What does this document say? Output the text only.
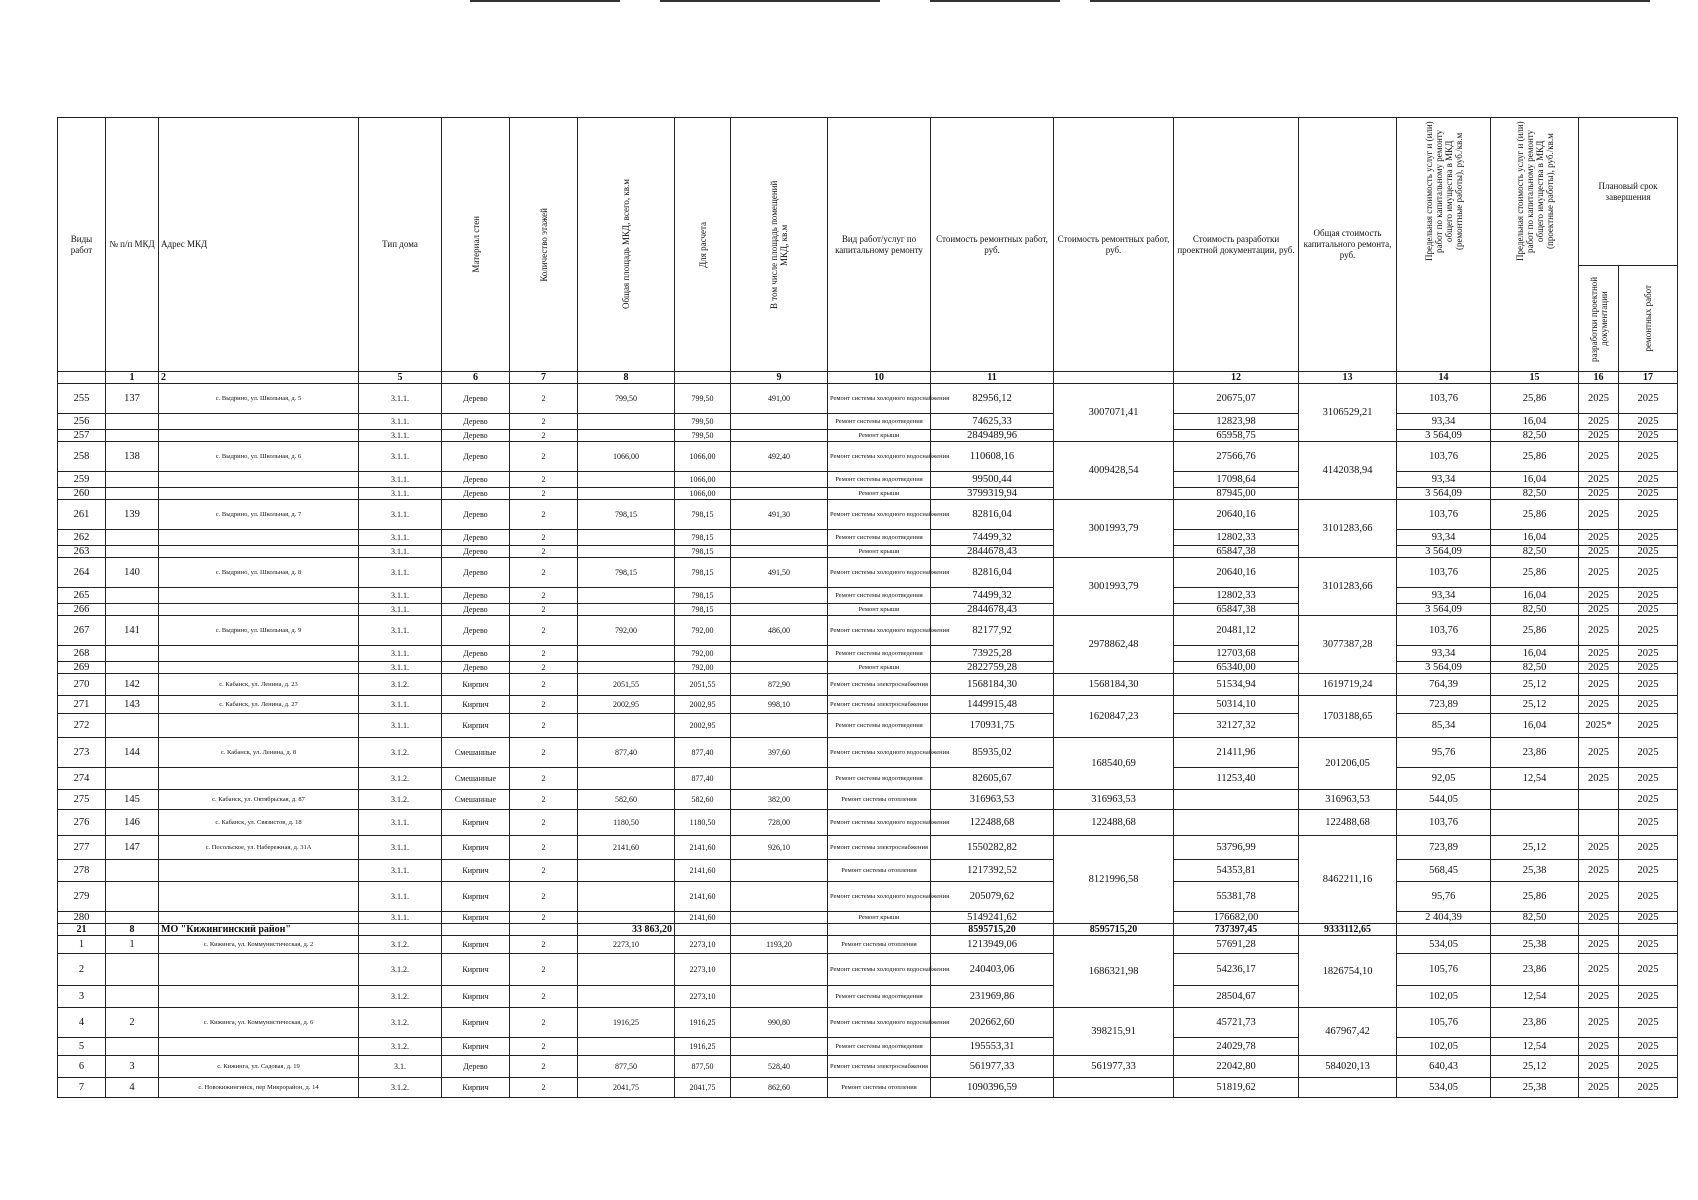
Виды работ	№ п/п МКД	Адрес МКД	Тип дома	Материал стен	Количество этажей	Общая площадь МКД, всего, кв.м	Для расчета	В том числе площадь помещений МКД, кв.м	Вид работ/услуг по капитальному ремонту	Стоимость ремонтных работ, руб.	Стоимость ремонтных работ, руб.	Стоимость разработки проектной документации, руб.	Общая стоимость капитального ремонта, руб.	Предельная стоимость услуг и (или) работ по капитальному ремонту общего имущества в МКД (ремонтные работы), руб./кв.м	Предельная стоимость услуг и (или) работ по капитальному ремонту общего имущества в МКД (проектные работы), руб./кв.м	Плановый срок завершения	

																разработки проектной документации	ремонтных работ

	1	2	5	6	7	8		9	10	11		12	13	14	15	16	17
255	137	с. Выдрино, ул. Школьная, д. 5	3.1.1.	Дерево	2	799,50	799,50	491,00	Ремонт системы холодного водоснабжения	82956,12	3007071,41	20675,07	3106529,21	103,76	25,86	2025	2025
256			3.1.1.	Дерево	2		799,50		Ремонт системы водоотведения	74625,33		12823,98		93,34	16,04	2025	2025
257			3.1.1.	Дерево	2		799,50		Ремонт крыши	2849489,96		65958,75		3 564,09	82,50	2025	2025
258	138	с. Выдрино, ул. Школьная, д. 6	3.1.1.	Дерево	2	1066,00	1066,00	492,40	Ремонт системы холодного водоснабжения	110608,16	4009428,54	27566,76	4142038,94	103,76	25,86	2025	2025
259			3.1.1.	Дерево	2		1066,00		Ремонт системы водоотведения	99500,44		17098,64		93,34	16,04	2025	2025
260			3.1.1.	Дерево	2		1066,00		Ремонт крыши	3799319,94		87945,00		3 564,09	82,50	2025	2025
261	139	с. Выдрино, ул. Школьная, д. 7	3.1.1.	Дерево	2	798,15	798,15	491,30	Ремонт системы холодного водоснабжения	82816,04	3001993,79	20640,16	3101283,66	103,76	25,86	2025	2025
262			3.1.1.	Дерево	2		798,15		Ремонт системы водоотведения	74499,32		12802,33		93,34	16,04	2025	2025
263			3.1.1.	Дерево	2		798,15		Ремонт крыши	2844678,43		65847,38		3 564,09	82,50	2025	2025
264	140	с. Выдрино, ул. Школьная, д. 8	3.1.1.	Дерево	2	798,15	798,15	491,50	Ремонт системы холодного водоснабжения	82816,04	3001993,79	20640,16	3101283,66	103,76	25,86	2025	2025
265			3.1.1.	Дерево	2		798,15		Ремонт системы водоотведения	74499,32		12802,33		93,34	16,04	2025	2025
266			3.1.1.	Дерево	2		798,15		Ремонт крыши	2844678,43		65847,38		3 564,09	82,50	2025	2025
267	141	с. Выдрино, ул. Школьная, д. 9	3.1.1.	Дерево	2	792,00	792,00	486,00	Ремонт системы холодного водоснабжения	82177,92	2978862,48	20481,12	3077387,28	103,76	25,86	2025	2025
268			3.1.1.	Дерево	2		792,00		Ремонт системы водоотведения	73925,28		12703,68		93,34	16,04	2025	2025
269			3.1.1.	Дерево	2		792,00		Ремонт крыши	2822759,28		65340,00		3 564,09	82,50	2025	2025
270	142	с. Кабанск, ул. Ленина, д. 23	3.1.2.	Кирпич	2	2051,55	2051,55	872,90	Ремонт системы электроснабжения	1568184,30	1568184,30	51534,94	1619719,24	764,39	25,12	2025	2025
271	143	с. Кабанск, ул. Ленина, д. 27	3.1.1.	Кирпич	2	2002,95	2002,95	998,10	Ремонт системы электроснабжения	1449915,48	1620847,23	50314,10	1703188,65	723,89	25,12	2025	2025
272			3.1.1.	Кирпич	2		2002,95		Ремонт системы водоотведения	170931,75		32127,32		85,34	16,04	2025*	2025
273	144	с. Кабанск, ул. Ленина, д. 8	3.1.2.	Смешанные	2	877,40	877,40	397,60	Ремонт системы холодного водоснабжения	85935,02	168540,69	21411,96	201206,05	95,76	23,86	2025	2025
274			3.1.2.	Смешанные	2		877,40		Ремонт системы водоотведения	82605,67		11253,40		92,05	12,54	2025	2025
275	145	с. Кабанск, ул. Октябрьская, д. 87	3.1.2.	Смешанные	2	582,60	582,60	382,00	Ремонт системы отопления	316963,53	316963,53		316963,53	544,05			2025
276	146	с. Кабанск, ул. Связистов, д. 18	3.1.1.	Кирпич	2	1180,50	1180,50	728,00	Ремонт системы холодного водоснабжения	122488,68	122488,68		122488,68	103,76			2025
277	147	с. Посольское, ул. Набережная, д. 31А	3.1.1.	Кирпич	2	2141,60	2141,60	926,10	Ремонт системы электроснабжения	1550282,82	8121996,58	53796,99	8462211,16	723,89	25,12	2025	2025
278			3.1.1.	Кирпич	2		2141,60		Ремонт системы отопления	1217392,52		54353,81		568,45	25,38	2025	2025
279			3.1.1.	Кирпич	2		2141,60		Ремонт системы холодного водоснабжения	205079,62		55381,78		95,76	25,86	2025	2025
280			3.1.1.	Кирпич	2		2141,60		Ремонт крыши	5149241,62		176682,00		2 404,39	82,50	2025	2025
21	8	МО "Кижингинский район"				33 863,20				8595715,20	8595715,20	737397,45	9333112,65				
1	1	с. Кижинга, ул. Коммунистическая, д. 2	3.1.2.	Кирпич	2	2273,10	2273,10	1193,20	Ремонт системы отопления	1213949,06	1686321,98	57691,28	1826754,10	534,05	25,38	2025	2025
2			3.1.2.	Кирпич	2		2273,10		Ремонт системы холодного водоснабжения	240403,06		54236,17		105,76	23,86	2025	2025
3			3.1.2.	Кирпич	2		2273,10		Ремонт системы водоотведения	231969,86		28504,67		102,05	12,54	2025	2025
4	2	с. Кижинга, ул. Коммунистическая, д. 6	3.1.2.	Кирпич	2	1916,25	1916,25	990,80	Ремонт системы холодного водоснабжения	202662,60	398215,91	45721,73	467967,42	105,76	23,86	2025	2025
5			3.1.2.	Кирпич	2		1916,25		Ремонт системы водоотведения	195553,31		24029,78		102,05	12,54	2025	2025
6	3	с. Кижинга, ул. Садовая, д. 19	3.1.	Дерево	2	877,50	877,50	528,40	Ремонт системы электроснабжения	561977,33	561977,33	22042,80	584020,13	640,43	25,12	2025	2025
7	4	с. Новокижингинск, пер Микрорайон, д. 14	3.1.2.	Кирпич	2	2041,75	2041,75	862,60	Ремонт системы отопления	1090396,59		51819,62		534,05	25,38	2025	2025
